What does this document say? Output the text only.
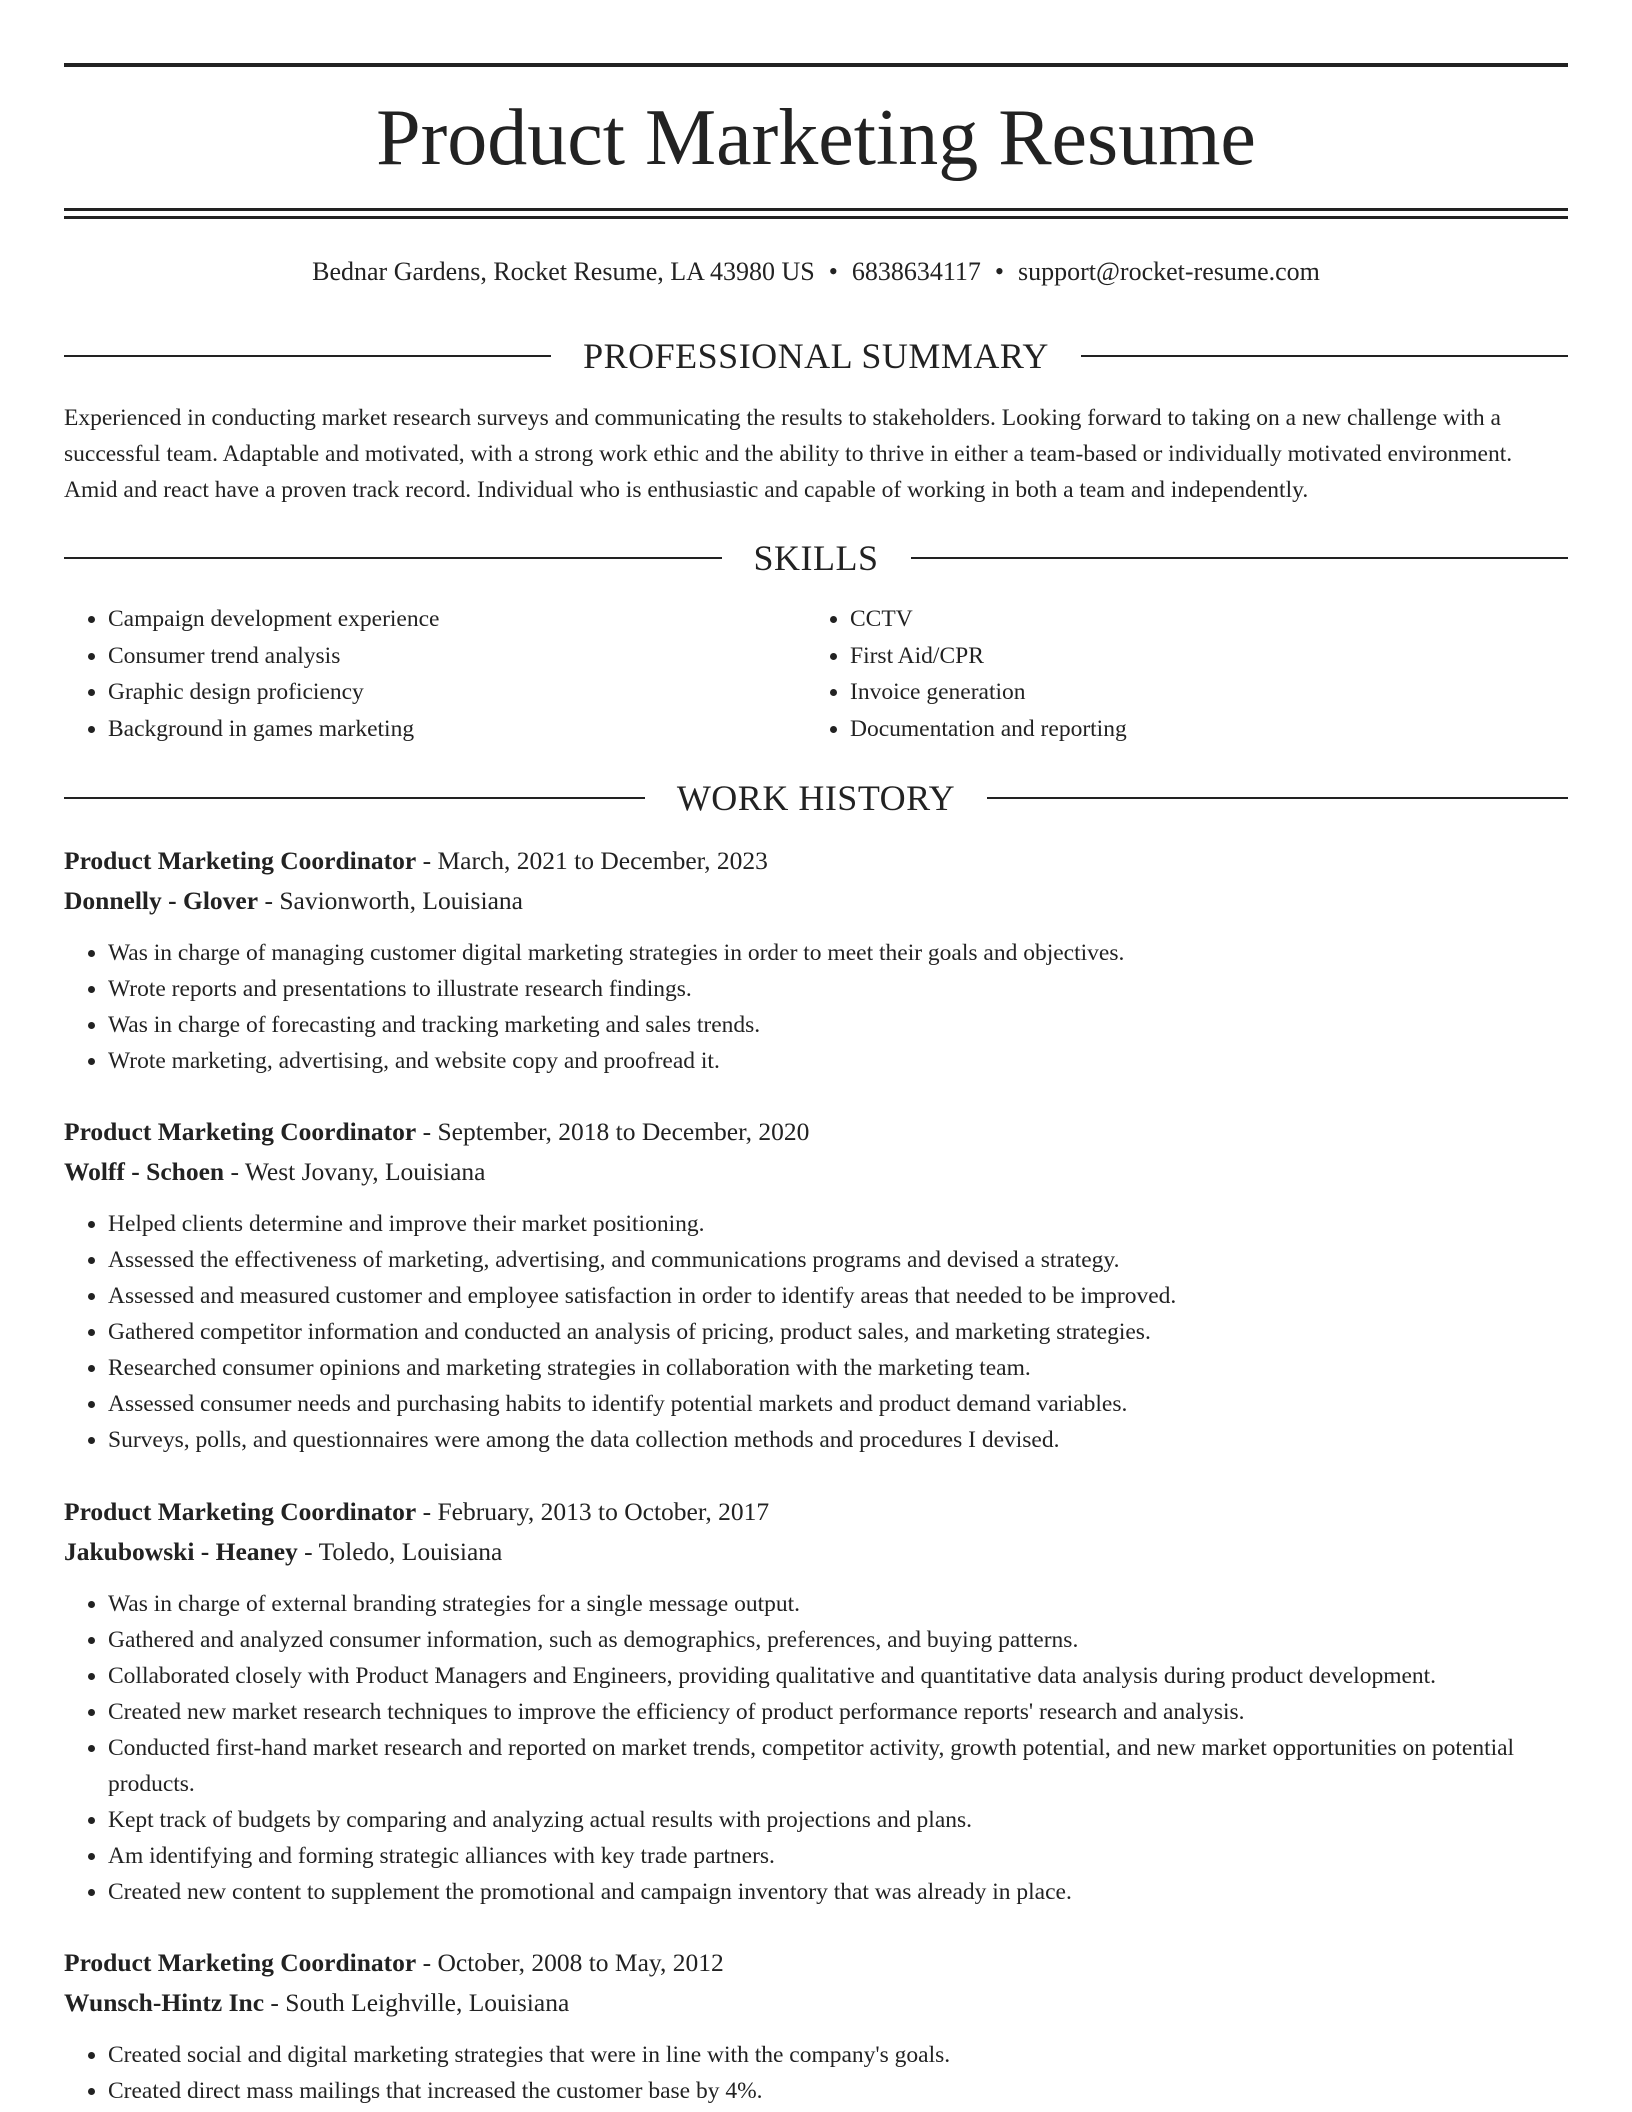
Product Marketing Resume
Bednar Gardens, Rocket Resume, LA 43980 US • 6838634117 • support@rocket-resume.com
PROFESSIONAL SUMMARY

Experienced in conducting market research surveys and communicating the results to stakeholders. Looking forward to taking on a new challenge with a successful team. Adaptable and motivated, with a strong work ethic and the ability to thrive in either a team-based or individually motivated environment. Amid and react have a proven track record. Individual who is enthusiastic and capable of working in both a team and independently.

SKILLS
• Campaign development experience
• Consumer trend analysis
• Graphic design proficiency
• Background in games marketing
• CCTV
• First Aid/CPR
• Invoice generation
• Documentation and reporting
WORK HISTORY
Product Marketing Coordinator - March, 2021 to December, 2023
Donnelly - Glover - Savionworth, Louisiana
• Was in charge of managing customer digital marketing strategies in order to meet their goals and objectives.
• Wrote reports and presentations to illustrate research findings.
• Was in charge of forecasting and tracking marketing and sales trends.
• Wrote marketing, advertising, and website copy and proofread it.
Product Marketing Coordinator - September, 2018 to December, 2020
Wolff - Schoen - West Jovany, Louisiana
• Helped clients determine and improve their market positioning.
• Assessed the effectiveness of marketing, advertising, and communications programs and devised a strategy.
• Assessed and measured customer and employee satisfaction in order to identify areas that needed to be improved.
• Gathered competitor information and conducted an analysis of pricing, product sales, and marketing strategies.
• Researched consumer opinions and marketing strategies in collaboration with the marketing team.
• Assessed consumer needs and purchasing habits to identify potential markets and product demand variables.
• Surveys, polls, and questionnaires were among the data collection methods and procedures I devised.
Product Marketing Coordinator - February, 2013 to October, 2017
Jakubowski - Heaney - Toledo, Louisiana
• Was in charge of external branding strategies for a single message output.
• Gathered and analyzed consumer information, such as demographics, preferences, and buying patterns.
• Collaborated closely with Product Managers and Engineers, providing qualitative and quantitative data analysis during product development.
• Created new market research techniques to improve the efficiency of product performance reports' research and analysis.
• Conducted first-hand market research and reported on market trends, competitor activity, growth potential, and new market opportunities on potential products.
• Kept track of budgets by comparing and analyzing actual results with projections and plans.
• Am identifying and forming strategic alliances with key trade partners.
• Created new content to supplement the promotional and campaign inventory that was already in place.
Product Marketing Coordinator - October, 2008 to May, 2012
Wunsch-Hintz Inc - South Leighville, Louisiana
• Created social and digital marketing strategies that were in line with the company's goals.
• Created direct mass mailings that increased the customer base by 4%.
